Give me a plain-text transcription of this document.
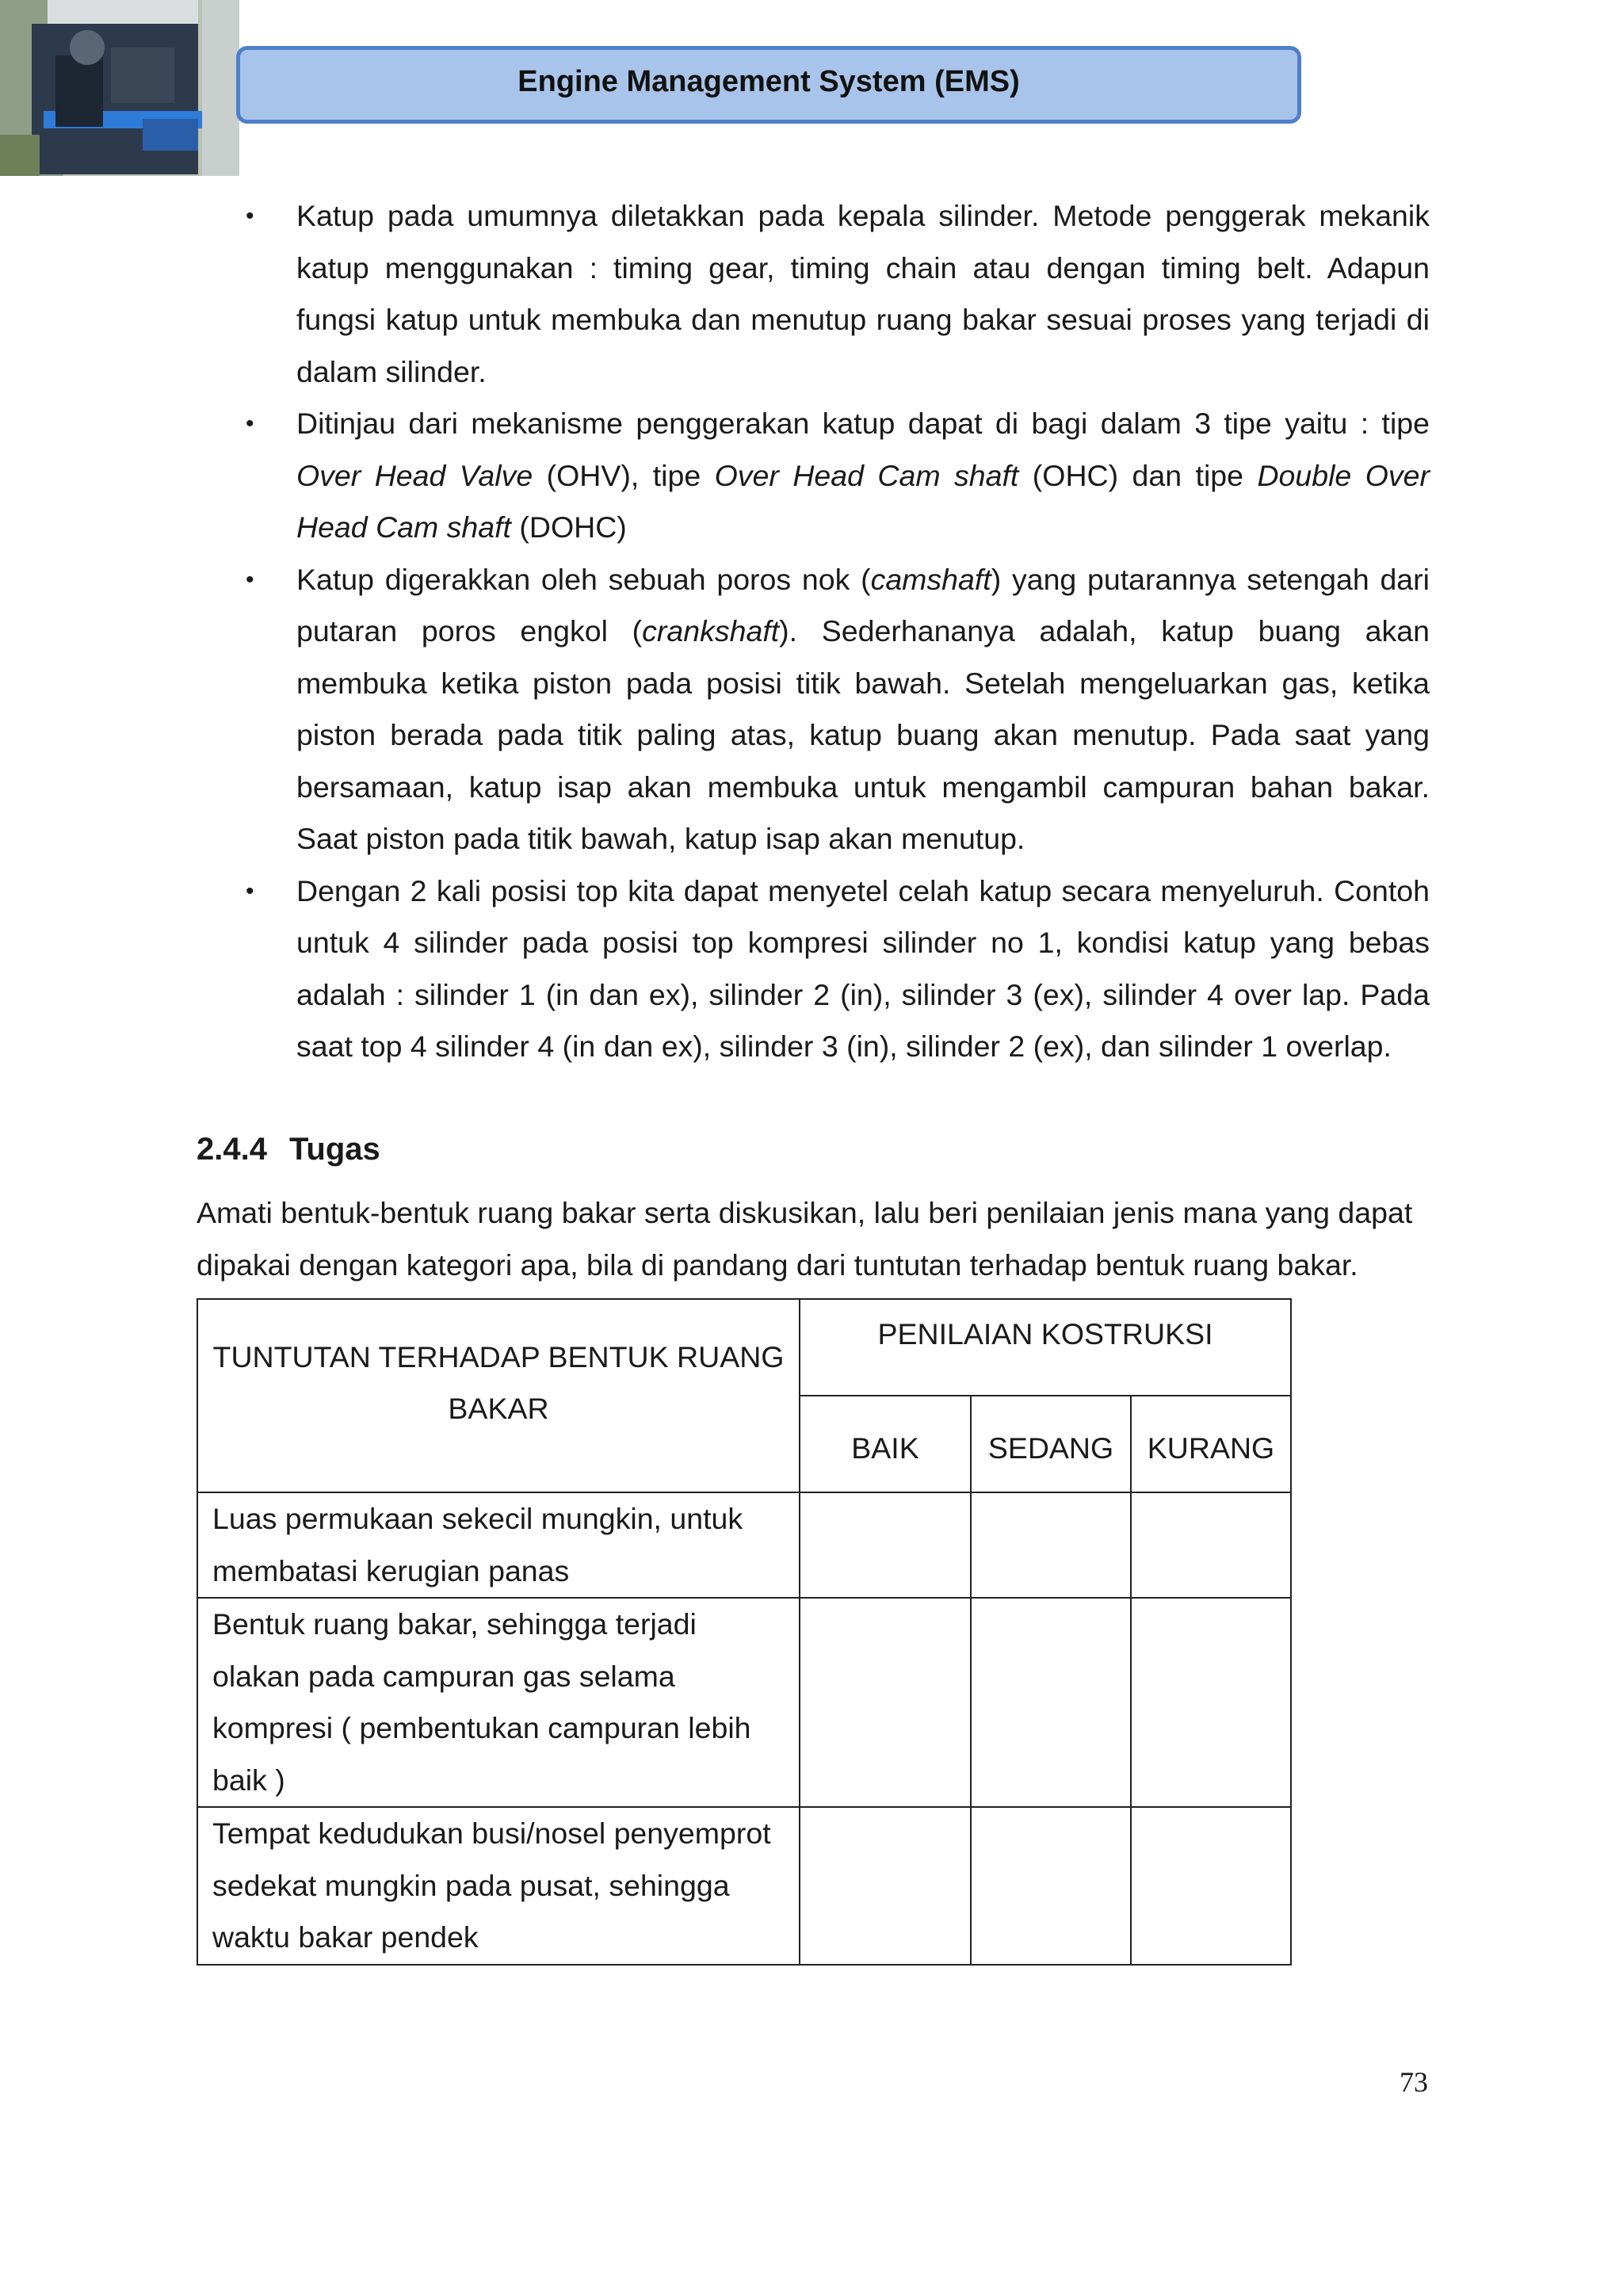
Engine Management System (EMS)
• Katup pada umumnya diletakkan pada kepala silinder. Metode penggerak mekanik katup menggunakan : timing gear, timing chain atau dengan timing belt. Adapun fungsi katup untuk membuka dan menutup ruang bakar sesuai proses yang terjadi di dalam silinder.
• Ditinjau dari mekanisme penggerakan katup dapat di bagi dalam 3 tipe yaitu : tipe Over Head Valve (OHV), tipe Over Head Cam shaft (OHC) dan tipe Double Over Head Cam shaft (DOHC)
• Katup digerakkan oleh sebuah poros nok (camshaft) yang putarannya setengah dari putaran poros engkol (crankshaft). Sederhananya adalah, katup buang akan membuka ketika piston pada posisi titik bawah. Setelah mengeluarkan gas, ketika piston berada pada titik paling atas, katup buang akan menutup. Pada saat yang bersamaan, katup isap akan membuka untuk mengambil campuran bahan bakar. Saat piston pada titik bawah, katup isap akan menutup.
• Dengan 2 kali posisi top kita dapat menyetel celah katup secara menyeluruh. Contoh untuk 4 silinder pada posisi top kompresi silinder no 1, kondisi katup yang bebas adalah : silinder 1 (in dan ex), silinder 2 (in), silinder 3 (ex), silinder 4 over lap. Pada saat top 4 silinder 4 (in dan ex), silinder 3 (in), silinder 2 (ex), dan silinder 1 overlap.
2.4.4 Tugas

Amati bentuk-bentuk ruang bakar serta diskusikan, lalu beri penilaian jenis mana yang dapat dipakai dengan kategori apa, bila di pandang dari tuntutan terhadap bentuk ruang bakar.

TUNTUTAN TERHADAP BENTUK RUANG BAKAR	PENILAIAN KOSTRUKSI		
	BAIK	SEDANG	KURANG
Luas permukaan sekecil mungkin, untuk membatasi kerugian panas			
Bentuk ruang bakar, sehingga terjadi olakan pada campuran gas selama kompresi ( pembentukan campuran lebih baik )			
Tempat kedudukan busi/nosel penyemprot sedekat mungkin pada pusat, sehingga waktu bakar pendek			
73
